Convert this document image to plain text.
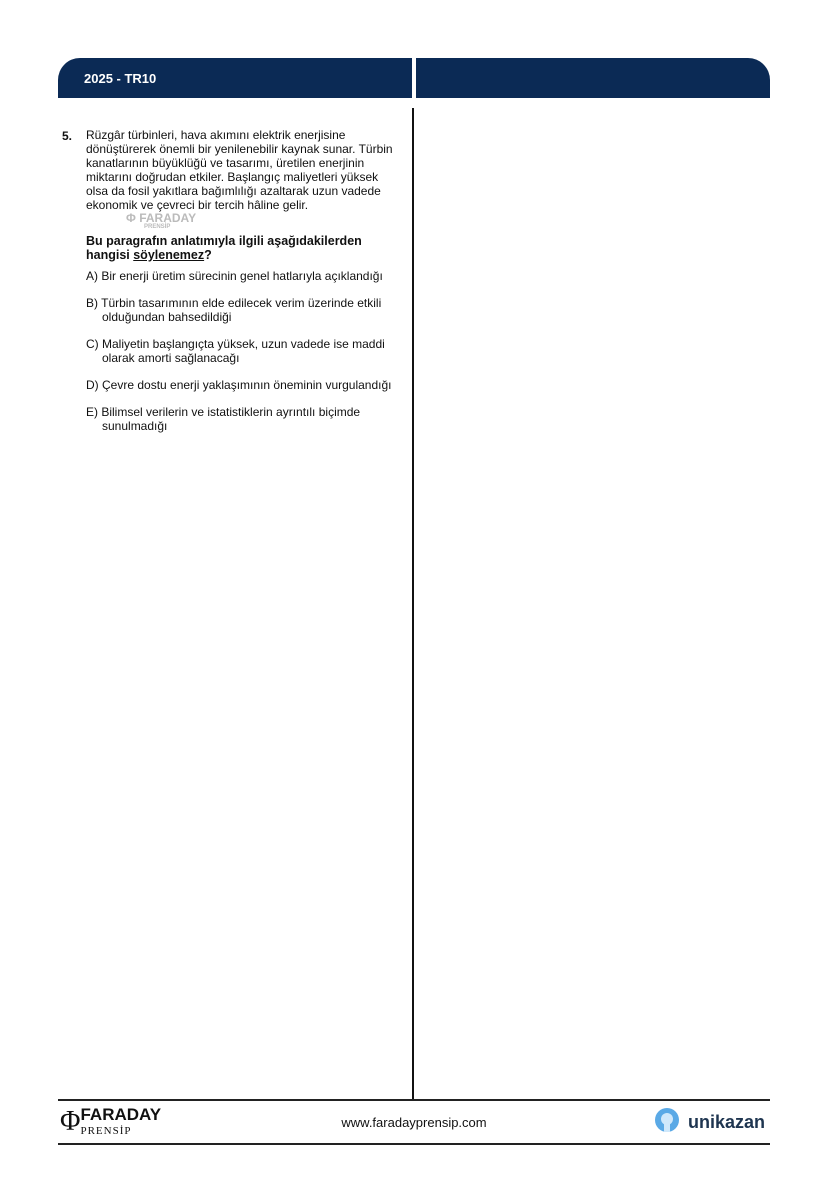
2025 - TR10
5. Rüzgâr türbinleri, hava akımını elektrik enerjisine dönüştürerek önemli bir yenilenebilir kaynak sunar. Türbin kanatlarının büyüklüğü ve tasarımı, üretilen enerjinin miktarını doğrudan etkiler. Başlangıç maliyetleri yüksek olsa da fosil yakıtlara bağımlılığı azaltarak uzun vadede ekonomik ve çevreci bir tercih hâline gelir.Φ FARADAY
PRENSİP
Bu paragrafın anlatımıyla ilgili aşağıdakilerden hangisi söylenemez?
A) Bir enerji üretim sürecinin genel hatlarıyla açıklandığı
B) Türbin tasarımının elde edilecek verim üzerinde etkili olduğundan bahsedildiği
C) Maliyetin başlangıçta yüksek, uzun vadede ise maddi olarak amorti sağlanacağı
D) Çevre dostu enerji yaklaşımının öneminin vurgulandığı
E) Bilimsel verilerin ve istatistiklerin ayrıntılı biçimde sunulmadığı
ΦFARADAY
PRENSİP
www.faradayprensip.com	unikazan
